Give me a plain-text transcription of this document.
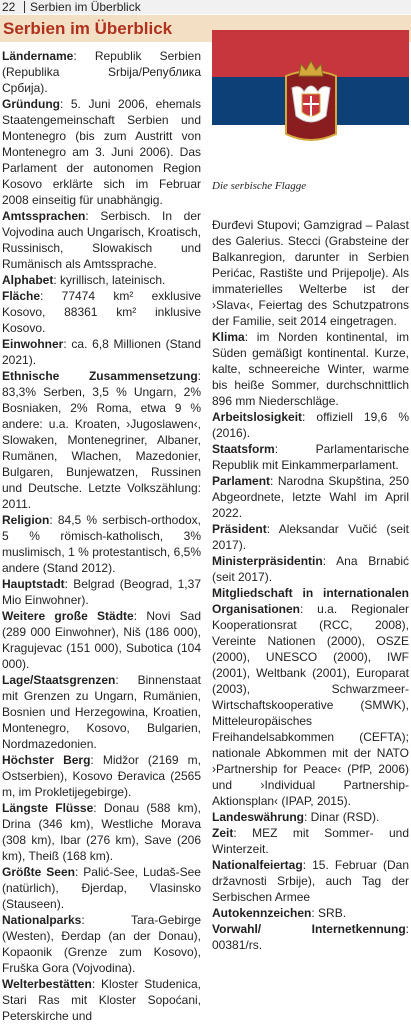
22 Serbien im Überblick
Serbien im Überblick

Ländername: Republik Serbien (Republika Srbija/Република Србија).

Gründung: 5. Juni 2006, ehemals Staatengemeinschaft Serbien und Montenegro (bis zum Austritt von Montenegro am 3. Juni 2006). Das Parlament der autonomen Region Kosovo erklärte sich im Februar 2008 einseitig für unabhängig.

Amtssprachen: Serbisch. In der Vojvodina auch Ungarisch, Kroatisch, Russinisch, Slowakisch und Rumänisch als Amtssprache.

Alphabet: kyrillisch, lateinisch.

Fläche: 77474 km² exklusive Kosovo, 88361 km² inklusive Kosovo.

Einwohner: ca. 6,8 Millionen (Stand 2021).

Ethnische Zusammensetzung: 83,3% Serben, 3,5 % Ungarn, 2% Bosniaken, 2% Roma, etwa 9 % andere: u.a. Kroaten, ›Jugoslawen‹, Slowaken, Montenegriner, Albaner, Rumänen, Wlachen, Mazedonier, Bulgaren, Bunjewatzen, Russinen und Deutsche. Letzte Volkszählung: 2011.

Religion: 84,5 % serbisch-orthodox, 5 % römisch-katholisch, 3% muslimisch, 1 % protestantisch, 6,5% andere (Stand 2012).

Hauptstadt: Belgrad (Beograd, 1,37 Mio Einwohner).

Weitere große Städte: Novi Sad (289 000 Einwohner), Niš (186 000), Kragujevac (151 000), Subotica (104 000).

Lage/Staatsgrenzen: Binnenstaat mit Grenzen zu Ungarn, Rumänien, Bosnien und Herzegowina, Kroatien, Montenegro, Kosovo, Bulgarien, Nordmazedonien.

Höchster Berg: Midžor (2169 m, Ostserbien), Kosovo Đeravica (2565 m, im Prokletijegebirge).

Längste Flüsse: Donau (588 km), Drina (346 km), Westliche Morava (308 km), Ibar (276 km), Save (206 km), Theiß (168 km).

Größte Seen: Palić-See, Ludaš-See (natürlich), Đjerdap, Vlasinsko (Stauseen).

Nationalparks: Tara-Gebirge (Westen), Đerdap (an der Donau), Kopaonik (Grenze zum Kosovo), Fruška Gora (Vojvodina).

Welterbestätten: Kloster Studenica, Stari Ras mit Kloster Sopoćani, Peterskirche und

Die serbische Flagge

Đurđevi Stupovi; Gamzigrad – Palast des Galerius. Stecci (Grabsteine der Balkanregion, darunter in Serbien Perićac, Rastište und Prijepolje). Als immaterielles Welterbe ist der ›Slava‹, Feiertag des Schutzpatrons der Familie, seit 2014 eingetragen.

Klima: im Norden kontinental, im Süden gemäßigt kontinental. Kurze, kalte, schneereiche Winter, warme bis heiße Sommer, durchschnittlich 896 mm Niederschläge.

Arbeitslosigkeit: offiziell 19,6 % (2016).

Staatsform: Parlamentarische Republik mit Einkammerparlament.

Parlament: Narodna Skupština, 250 Abgeordnete, letzte Wahl im April 2022.

Präsident: Aleksandar Vučić (seit 2017).

Ministerpräsidentin: Ana Brnabić (seit 2017).

Mitgliedschaft in internationalen Organisationen: u.a. Regionaler Kooperationsrat (RCC, 2008), Vereinte Nationen (2000), OSZE (2000), UNESCO (2000), IWF (2001), Weltbank (2001), Europarat (2003), Schwarzmeer-Wirtschaftskooperative (SMWK), Mitteleuropäisches Freihandelsabkommen (CEFTA); nationale Abkommen mit der NATO ›Partnership for Peace‹ (PfP, 2006) und ›Individual Partnership-Aktionsplan‹ (IPAP, 2015).

Landeswährung: Dinar (RSD).

Zeit: MEZ mit Sommer- und Winterzeit.

Nationalfeiertag: 15. Februar (Dan državnosti Srbije), auch Tag der Serbischen Armee

Autokennzeichen: SRB.

Vorwahl/ Internetkennung: 00381/rs.
